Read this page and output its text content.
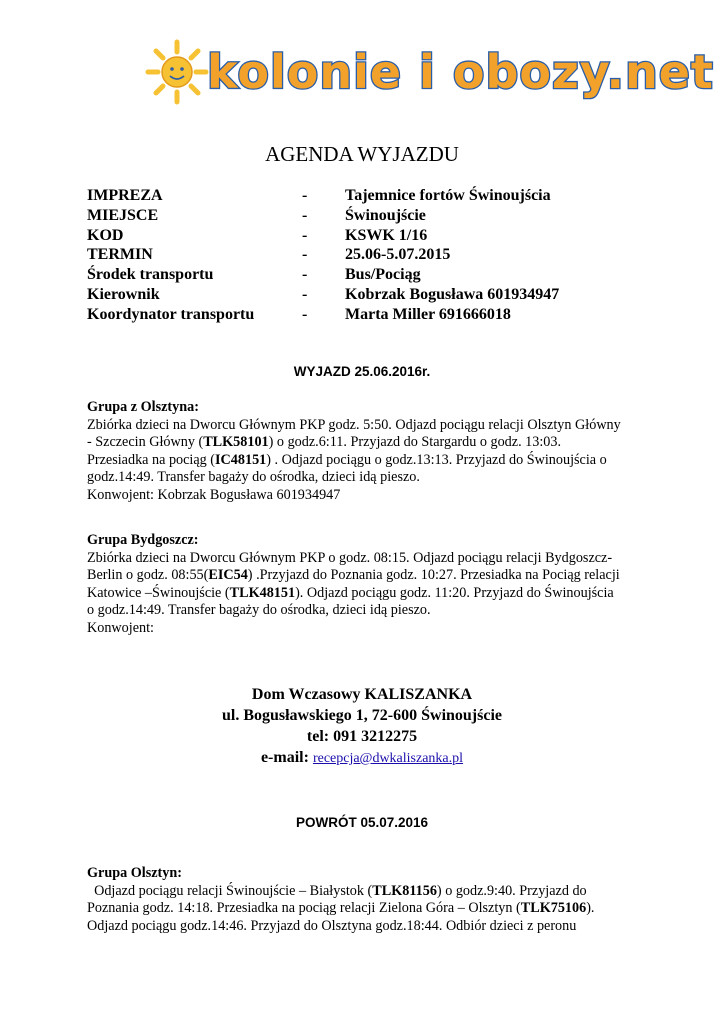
kolonie i obozy.net
AGENDA WYJAZDU
IMPREZA	- Tajemnice fortów Świnoujścia
MIEJSCE	- Świnoujście
KOD	- KSWK 1/16
TERMIN	- 25.06-5.07.2015
Środek transportu	- Bus/Pociąg
Kierownik	- Kobrzak Bogusława 601934947
Koordynator transportu	- Marta Miller 691666018
WYJAZD 25.06.2016r.
Grupa z Olsztyna:
Zbiórka dzieci na Dworcu Głównym PKP godz. 5:50. Odjazd pociągu relacji Olsztyn Główny
- Szczecin Główny (TLK58101) o godz.6:11. Przyjazd do Stargardu o godz. 13:03.
Przesiadka na pociąg (IC48151) . Odjazd pociągu o godz.13:13. Przyjazd do Świnoujścia o
godz.14:49. Transfer bagaży do ośrodka, dzieci idą pieszo.
Konwojent: Kobrzak Bogusława 601934947
Grupa Bydgoszcz:
Zbiórka dzieci na Dworcu Głównym PKP o godz. 08:15. Odjazd pociągu relacji Bydgoszcz-
Berlin o godz. 08:55(EIC54) .Przyjazd do Poznania godz. 10:27. Przesiadka na Pociąg relacji
Katowice –Świnoujście (TLK48151). Odjazd pociągu godz. 11:20. Przyjazd do Świnoujścia
o godz.14:49. Transfer bagaży do ośrodka, dzieci idą pieszo.
Konwojent:
Dom Wczasowy KALISZANKA
ul. Bogusławskiego 1, 72-600 Świnoujście
tel: 091 3212275
e-mail: recepcja@dwkaliszanka.pl
POWRÓT 05.07.2016
Grupa Olsztyn:
Odjazd pociągu relacji Świnoujście – Białystok (TLK81156) o godz.9:40. Przyjazd do
Poznania godz. 14:18. Przesiadka na pociąg relacji Zielona Góra – Olsztyn (TLK75106).
Odjazd pociągu godz.14:46. Przyjazd do Olsztyna godz.18:44. Odbiór dzieci z peronu
